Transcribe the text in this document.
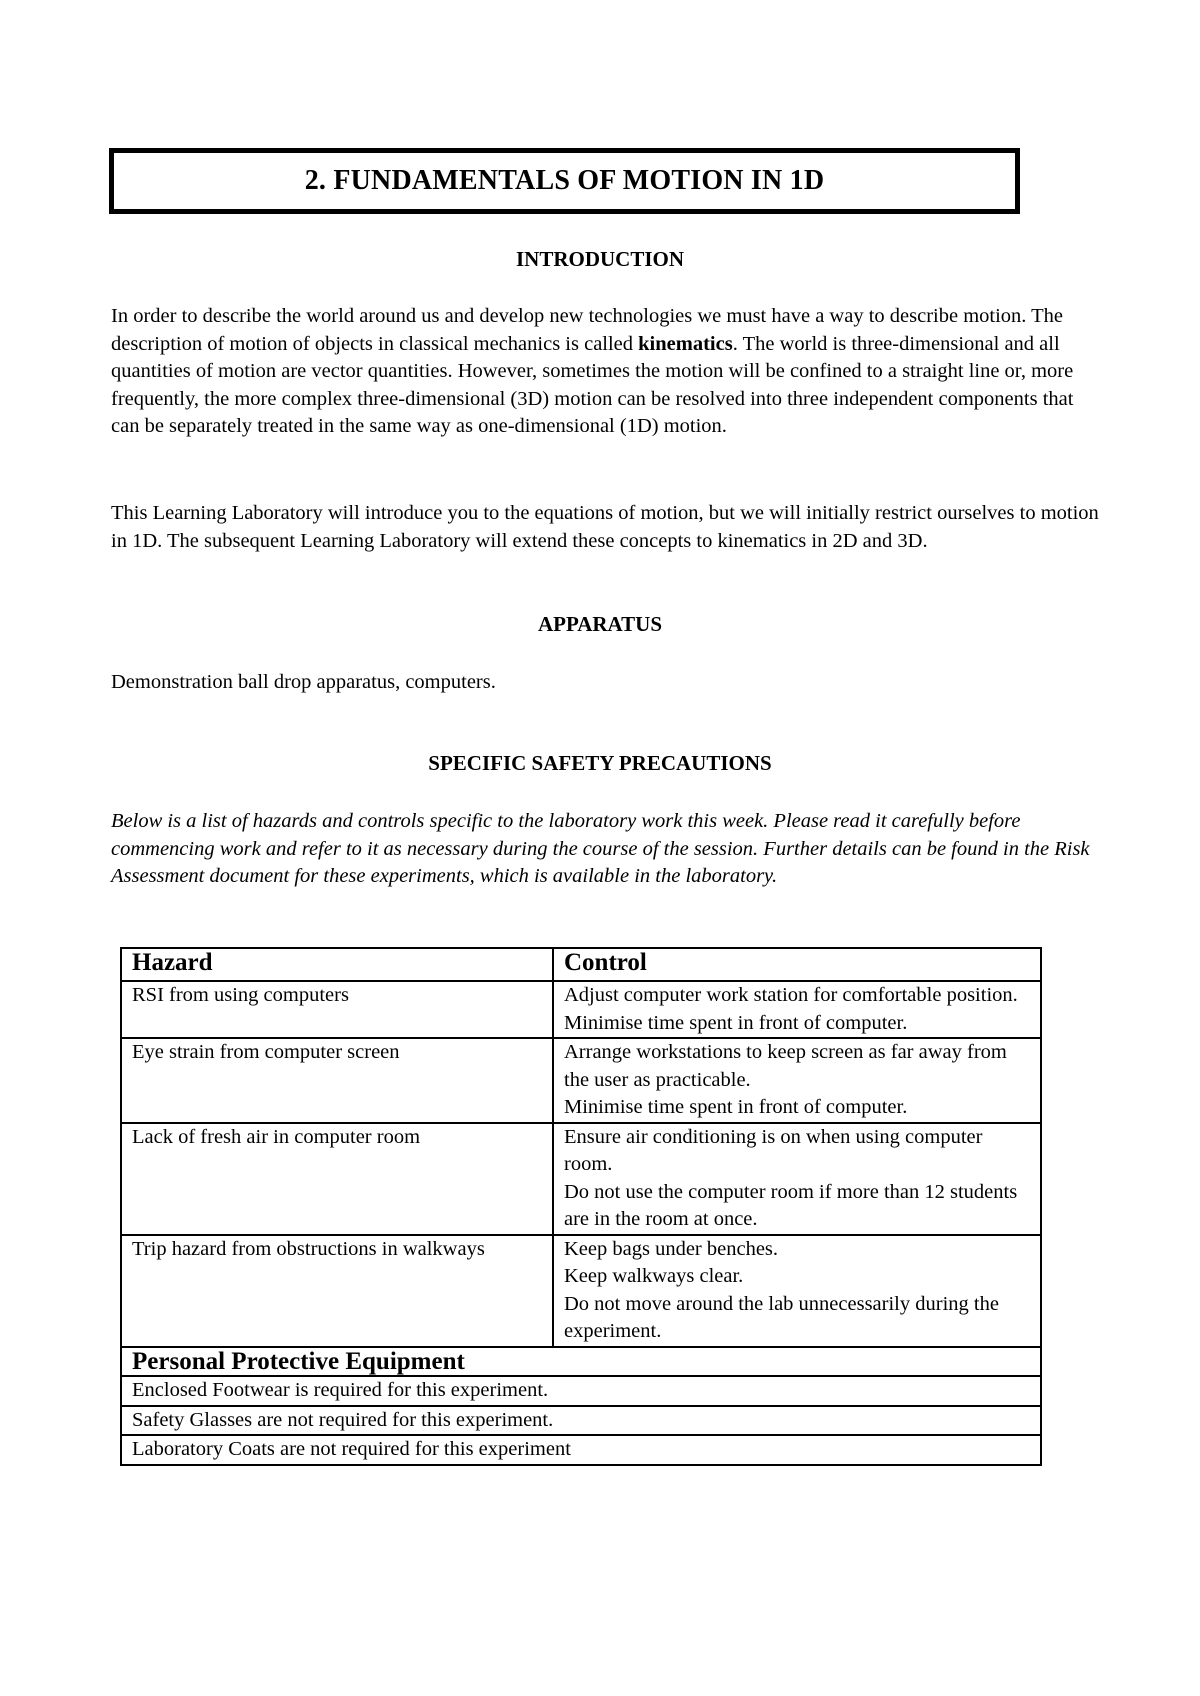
2. FUNDAMENTALS OF MOTION IN 1D
INTRODUCTION

In order to describe the world around us and develop new technologies we must have a way to describe motion. The description of motion of objects in classical mechanics is called kinematics. The world is three-dimensional and all quantities of motion are vector quantities. However, sometimes the motion will be confined to a straight line or, more frequently, the more complex three-dimensional (3D) motion can be resolved into three independent components that can be separately treated in the same way as one-dimensional (1D) motion.

This Learning Laboratory will introduce you to the equations of motion, but we will initially restrict ourselves to motion in 1D. The subsequent Learning Laboratory will extend these concepts to kinematics in 2D and 3D.

APPARATUS

Demonstration ball drop apparatus, computers.

SPECIFIC SAFETY PRECAUTIONS

Below is a list of hazards and controls specific to the laboratory work this week. Please read it carefully before commencing work and refer to it as necessary during the course of the session. Further details can be found in the Risk Assessment document for these experiments, which is available in the laboratory.

Hazard	Control
RSI from using computers	Adjust computer work station for comfortable position.
Minimise time spent in front of computer.

Eye strain from computer screen	Arrange workstations to keep screen as far away from the user as practicable.
Minimise time spent in front of computer.

Lack of fresh air in computer room	Ensure air conditioning is on when using computer room.
Do not use the computer room if more than 12 students are in the room at once.

Trip hazard from obstructions in walkways	Keep bags under benches.
Keep walkways clear.
Do not move around the lab unnecessarily during the experiment.

Personal Protective Equipment	
Enclosed Footwear is required for this experiment.	
Safety Glasses are not required for this experiment.	
Laboratory Coats are not required for this experiment	
